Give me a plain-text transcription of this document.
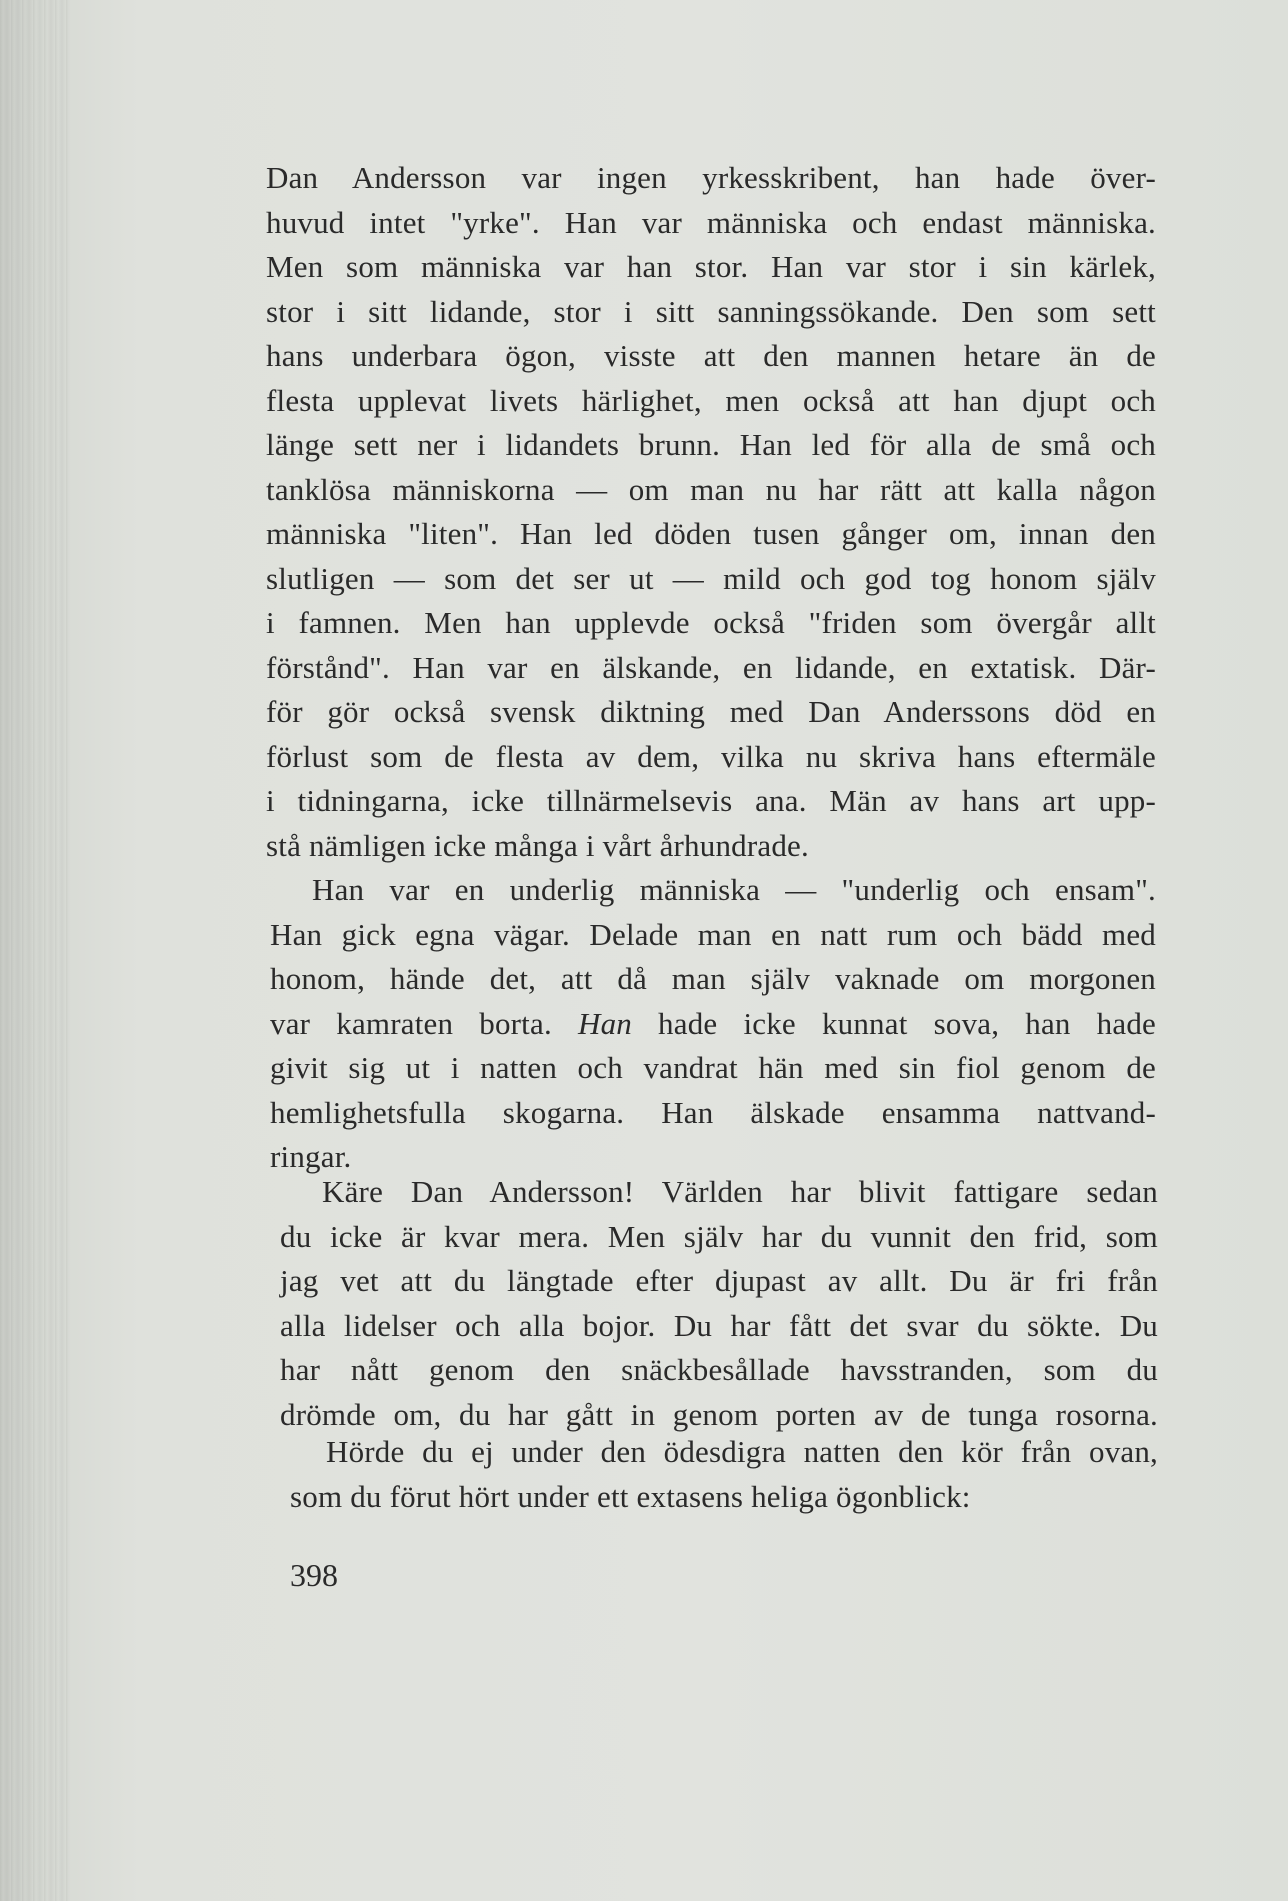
Dan Andersson var ingen yrkesskribent, han hade över-
huvud intet "yrke". Han var människa och endast människa.
Men som människa var han stor. Han var stor i sin kärlek,
stor i sitt lidande, stor i sitt sanningssökande. Den som sett
hans underbara ögon, visste att den mannen hetare än de
flesta upplevat livets härlighet, men också att han djupt och
länge sett ner i lidandets brunn. Han led för alla de små och
tanklösa människorna — om man nu har rätt att kalla någon
människa "liten". Han led döden tusen gånger om, innan den
slutligen — som det ser ut — mild och god tog honom själv
i famnen. Men han upplevde också "friden som övergår allt
förstånd". Han var en älskande, en lidande, en extatisk. Där-
för gör också svensk diktning med Dan Anderssons död en
förlust som de flesta av dem, vilka nu skriva hans eftermäle
i tidningarna, icke tillnärmelsevis ana. Män av hans art upp-
stå nämligen icke många i vårt århundrade.
Han var en underlig människa — "underlig och ensam".
Han gick egna vägar. Delade man en natt rum och bädd med
honom, hände det, att då man själv vaknade om morgonen
var kamraten borta. Han hade icke kunnat sova, han hade
givit sig ut i natten och vandrat hän med sin fiol genom de
hemlighetsfulla skogarna. Han älskade ensamma nattvand-
ringar.
Käre Dan Andersson! Världen har blivit fattigare sedan
du icke är kvar mera. Men själv har du vunnit den frid, som
jag vet att du längtade efter djupast av allt. Du är fri från
alla lidelser och alla bojor. Du har fått det svar du sökte. Du
har nått genom den snäckbesållade havsstranden, som du
drömde om, du har gått in genom porten av de tunga rosorna.
Hörde du ej under den ödesdigra natten den kör från ovan,
som du förut hört under ett extasens heliga ögonblick:
398
